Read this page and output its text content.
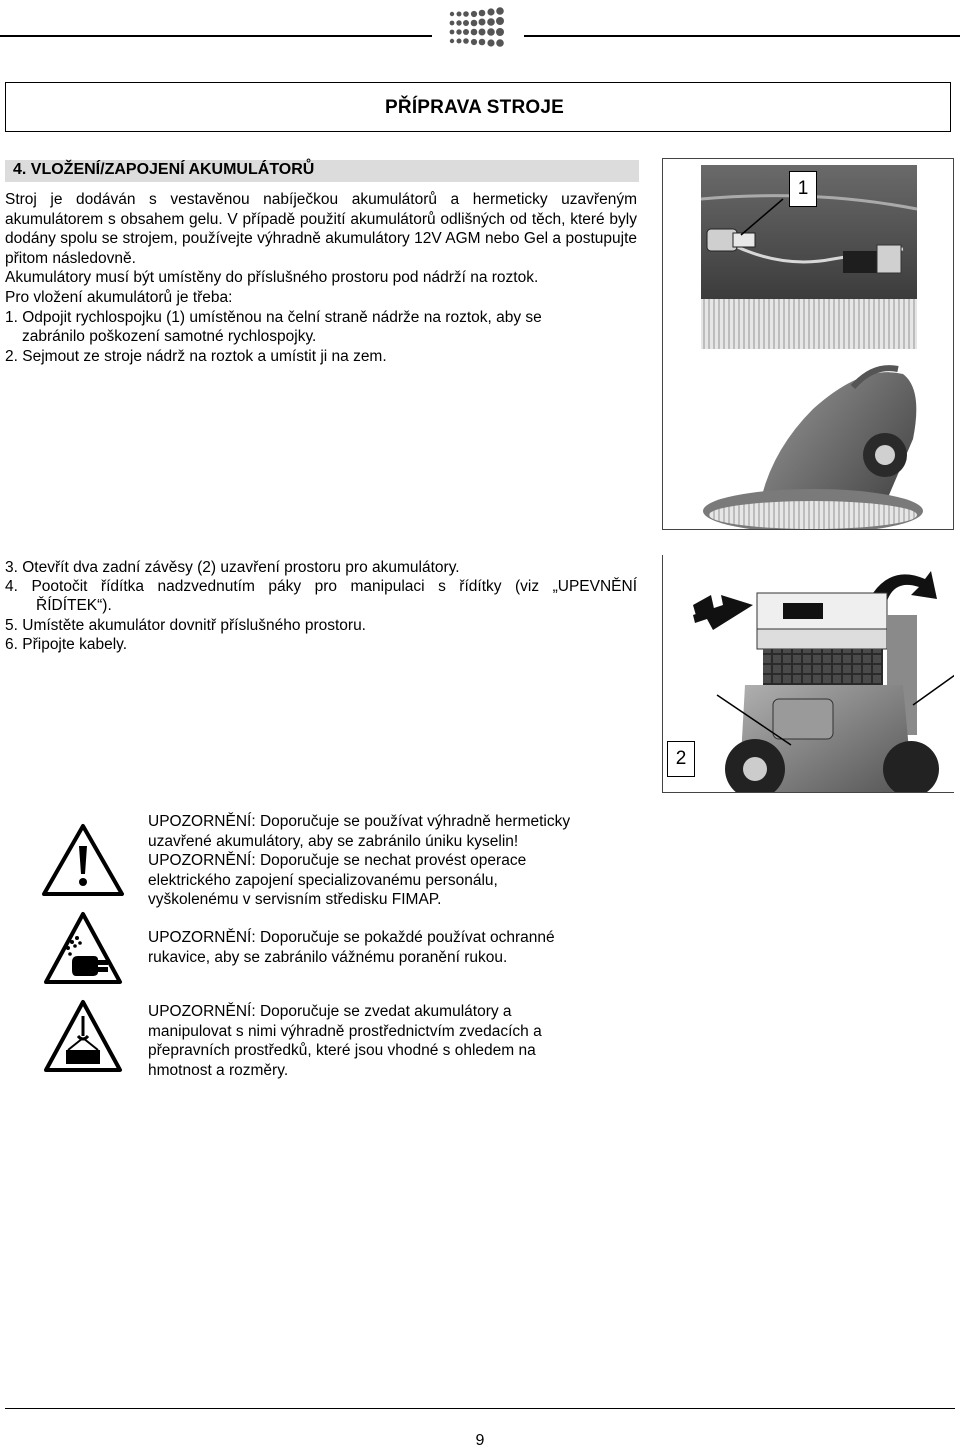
PŘÍPRAVA STROJE
4. VLOŽENÍ/ZAPOJENÍ AKUMULÁTORŮ
Stroj je dodáván s vestavěnou nabíječkou akumulátorů a hermeticky uzavřeným akumulátorem s obsahem gelu. V případě použití akumulátorů odlišných od těch, které byly dodány spolu se strojem, používejte výhradně akumulátory 12V AGM nebo Gel a postupujte přitom následovně.
Akumulátory musí být umístěny do příslušného prostoru pod nádrží na roztok.
Pro vložení akumulátorů je třeba:
1. Odpojit rychlospojku (1) umístěnou na čelní straně nádrže na roztok, aby se
zabránilo poškození samotné rychlospojky.
2. Sejmout ze stroje nádrž na roztok a umístit ji na zem.
1
3. Otevřít dva zadní závěsy (2) uzavření prostoru pro akumulátory.
4. Pootočit řídítka nadzvednutím páky pro manipulaci s řídítky (viz „UPEVNĚNÍ
ŘÍDÍTEK“).
5. Umístěte akumulátor dovnitř příslušného prostoru.
6. Připojte kabely.
2
UPOZORNĚNÍ: Doporučuje se používat výhradně hermeticky
uzavřené akumulátory, aby se zabránilo úniku kyselin!
UPOZORNĚNÍ: Doporučuje se nechat provést operace
elektrického zapojení specializovanému personálu,
vyškolenému v servisním středisku FIMAP.
UPOZORNĚNÍ: Doporučuje se pokaždé používat ochranné
rukavice, aby se zabránilo vážnému poranění rukou.
UPOZORNĚNÍ: Doporučuje se zvedat akumulátory a
manipulovat s nimi výhradně prostřednictvím zvedacích a
přepravních prostředků, které jsou vhodné s ohledem na
hmotnost a rozměry.
9
